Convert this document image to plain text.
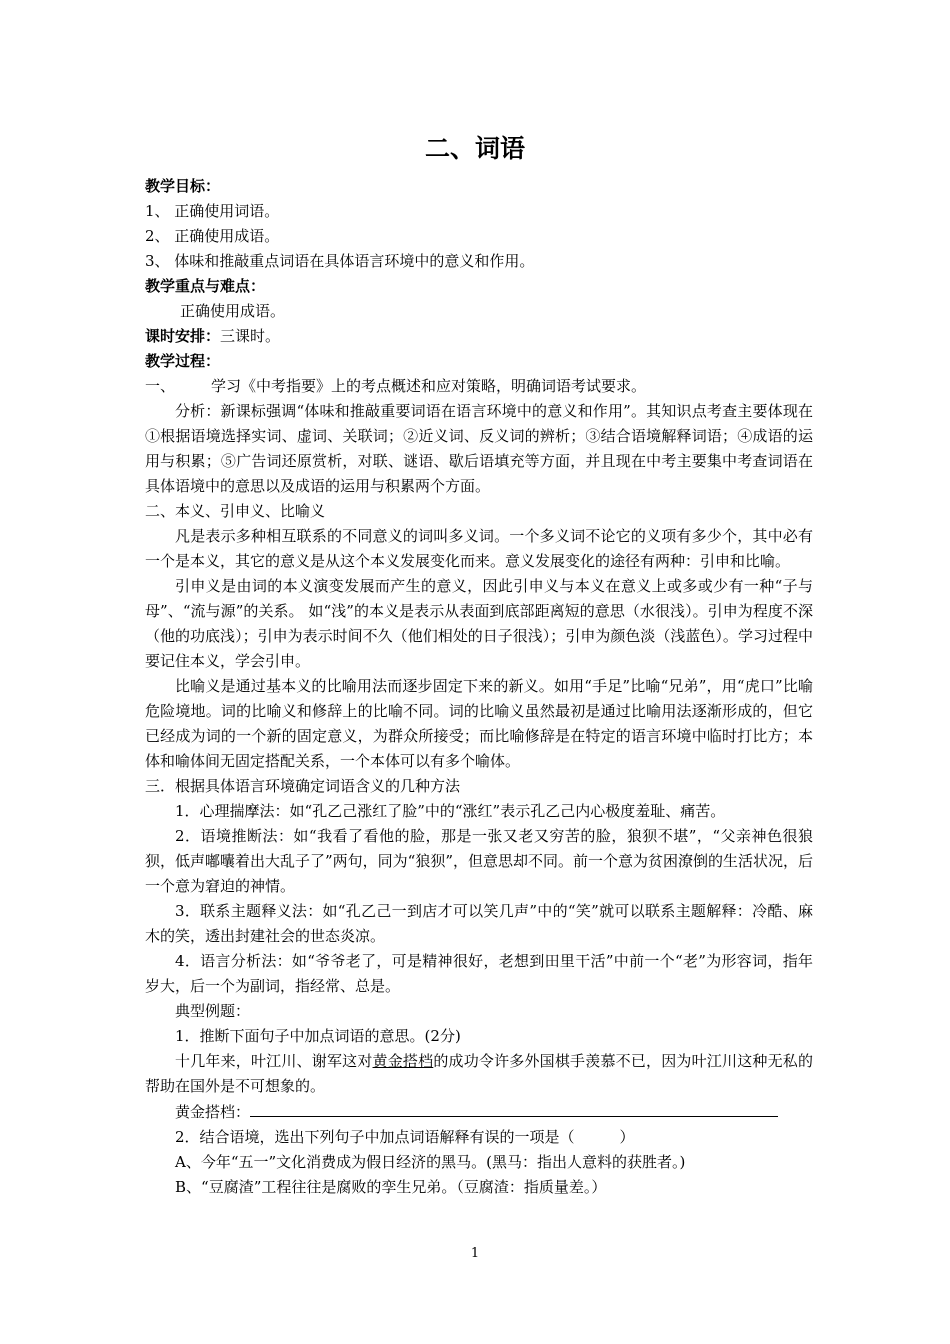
二、词语

教学目标：

1、 正确使用词语。

2、 正确使用成语。

3、 体味和推敲重点词语在具体语言环境中的意义和作用。

教学重点与难点：

正确使用成语。

课时安排：三课时。

教学过程：

一、 学习《中考指要》上的考点概述和应对策略，明确词语考试要求。

分析：新课标强调“体味和推敲重要词语在语言环境中的意义和作用”。其知识点考查主要体现在①根据语境选择实词、虚词、关联词；②近义词、反义词的辨析；③结合语境解释词语；④成语的运用与积累；⑤广告词还原赏析，对联、谜语、歇后语填充等方面，并且现在中考主要集中考查词语在具体语境中的意思以及成语的运用与积累两个方面。

二、本义、引申义、比喻义

凡是表示多种相互联系的不同意义的词叫多义词。一个多义词不论它的义项有多少个，其中必有一个是本义，其它的意义是从这个本义发展变化而来。意义发展变化的途径有两种：引申和比喻。

引申义是由词的本义演变发展而产生的意义，因此引申义与本义在意义上或多或少有一种“子与母”、“流与源”的关系。 如“浅”的本义是表示从表面到底部距离短的意思（水很浅）。引申为程度不深（他的功底浅）；引申为表示时间不久（他们相处的日子很浅）；引申为颜色淡（浅蓝色）。学习过程中要记住本义，学会引申。

比喻义是通过基本义的比喻用法而逐步固定下来的新义。如用“手足”比喻“兄弟”，用“虎口”比喻危险境地。词的比喻义和修辞上的比喻不同。词的比喻义虽然最初是通过比喻用法逐渐形成的，但它已经成为词的一个新的固定意义，为群众所接受；而比喻修辞是在特定的语言环境中临时打比方；本体和喻体间无固定搭配关系，一个本体可以有多个喻体。

三．根据具体语言环境确定词语含义的几种方法

1．心理揣摩法：如“孔乙己涨红了脸”中的“涨红”表示孔乙己内心极度羞耻、痛苦。

2．语境推断法：如“我看了看他的脸，那是一张又老又穷苦的脸，狼狈不堪”，“父亲神色很狼狈，低声嘟囔着出大乱子了”两句，同为“狼狈”，但意思却不同。前一个意为贫困潦倒的生活状况，后一个意为窘迫的神情。

3．联系主题释义法：如“孔乙己一到店才可以笑几声”中的“笑”就可以联系主题解释：冷酷、麻木的笑，透出封建社会的世态炎凉。

4．语言分析法：如“爷爷老了，可是精神很好，老想到田里干活”中前一个“老”为形容词，指年岁大，后一个为副词，指经常、总是。

典型例题：

1．推断下面句子中加点词语的意思。(2分)

十几年来，叶江川、谢军这对黄金搭档的成功令许多外国棋手羡慕不已，因为叶江川这种无私的帮助在国外是不可想象的。

黄金搭档：

2．结合语境，选出下列句子中加点词语解释有误的一项是（　　　）

A、今年“五一”文化消费成为假日经济的黑马。(黑马：指出人意料的获胜者。)

B、“豆腐渣”工程往往是腐败的孪生兄弟。（豆腐渣：指质量差。）

1
